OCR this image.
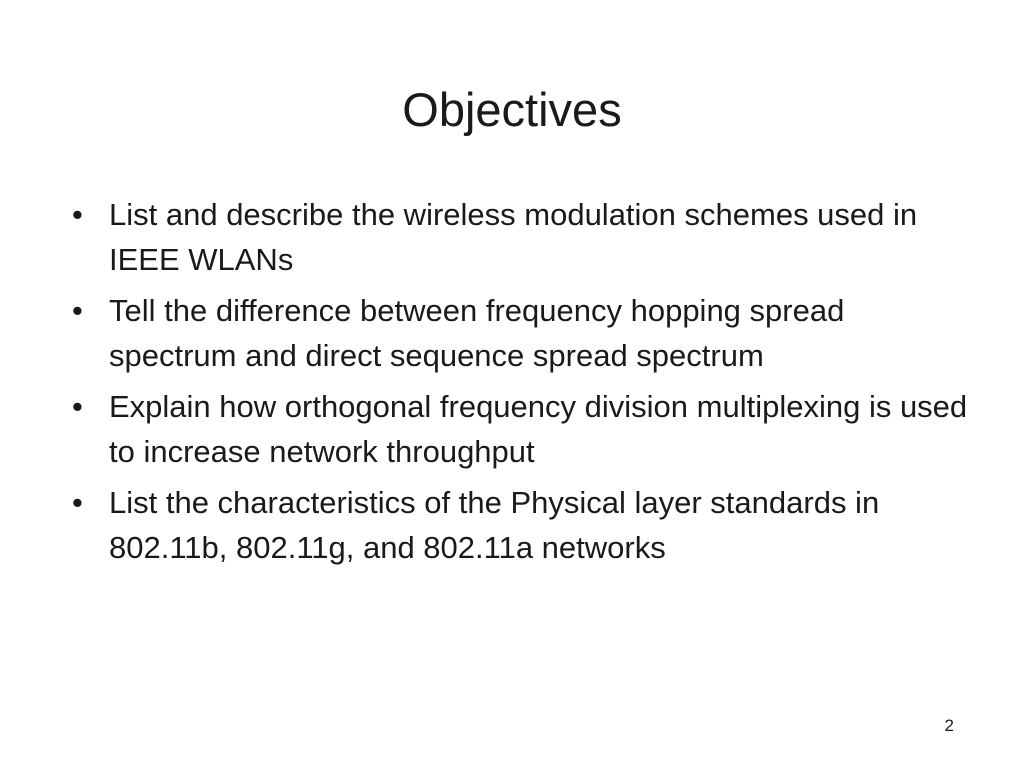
Objectives
• List and describe the wireless modulation schemes used in IEEE WLANs
• Tell the difference between frequency hopping spread spectrum and direct sequence spread spectrum
• Explain how orthogonal frequency division multiplexing is used to increase network throughput
• List the characteristics of the Physical layer standards in 802.11b, 802.11g, and 802.11a networks
2
